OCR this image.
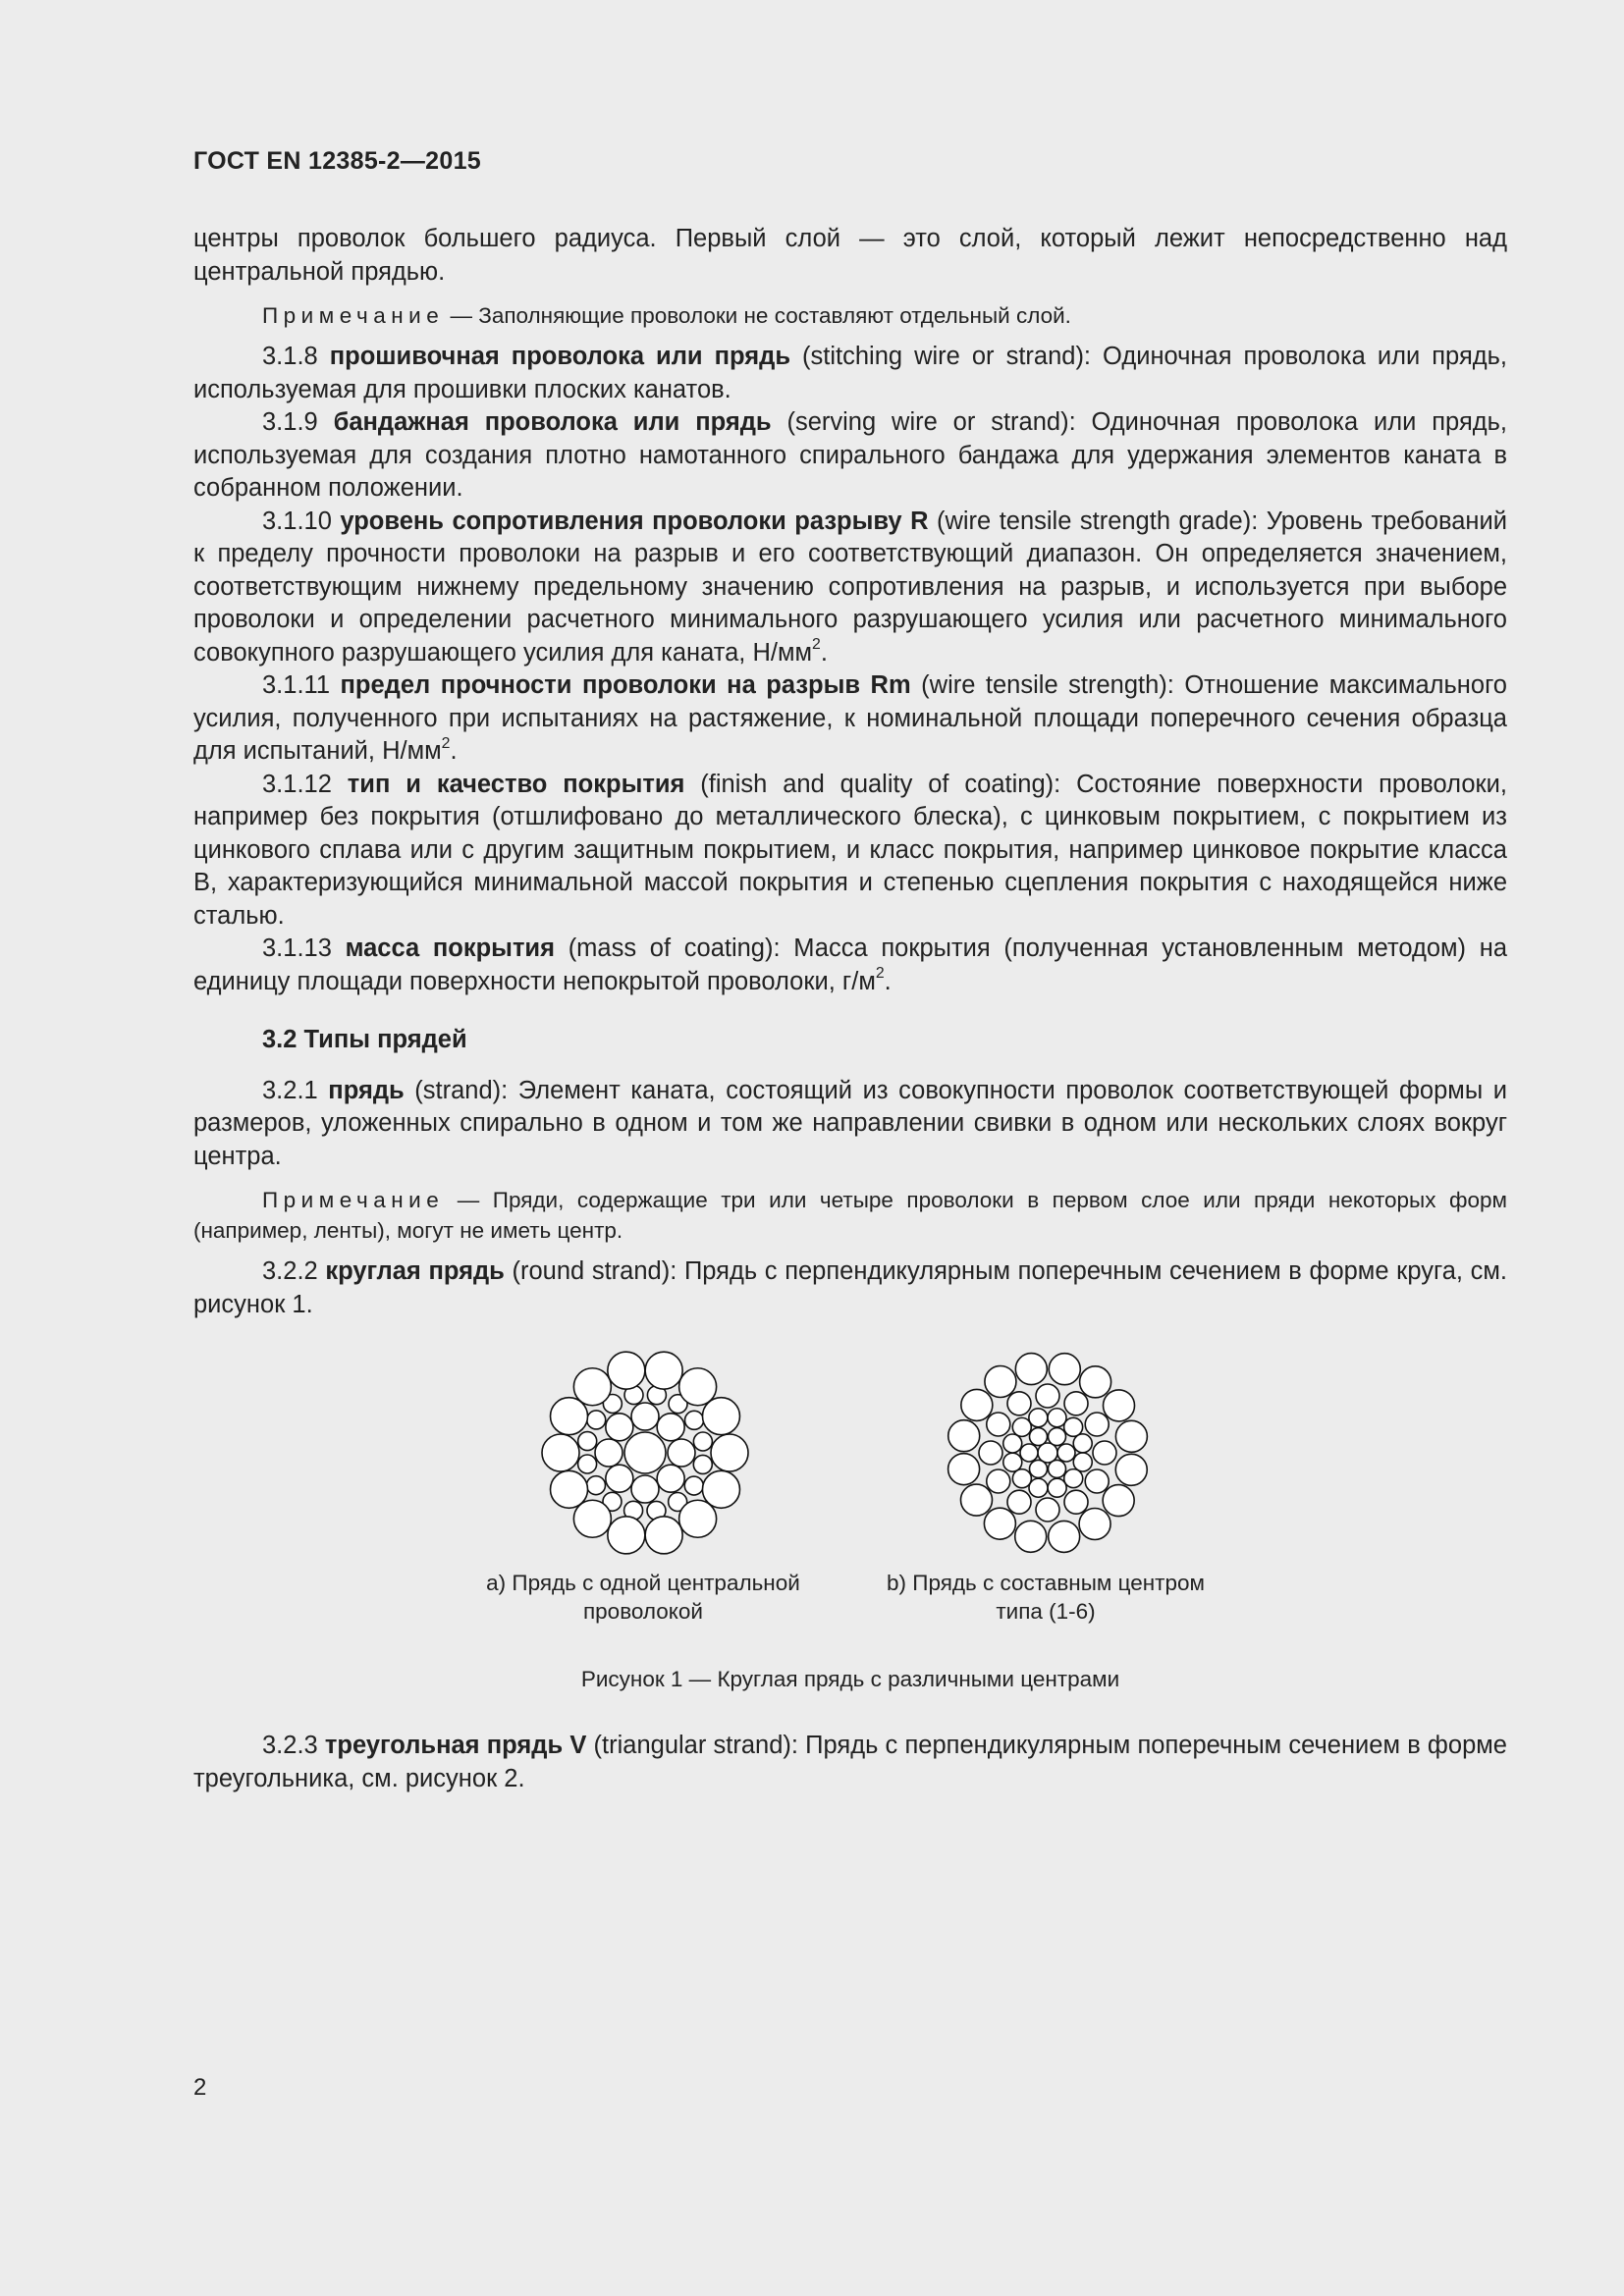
ГОСТ EN 12385-2—2015

центры проволок большего радиуса. Первый слой — это слой, который лежит непосредственно над центральной прядью.

Примечание — Заполняющие проволоки не составляют отдельный слой.

3.1.8 прошивочная проволока или прядь (stitching wire or strand): Одиночная проволока или прядь, используемая для прошивки плоских канатов.

3.1.9 бандажная проволока или прядь (serving wire or strand): Одиночная проволока или прядь, используемая для создания плотно намотанного спирального бандажа для удержания элементов каната в собранном положении.

3.1.10 уровень сопротивления проволоки разрыву R (wire tensile strength grade): Уровень требований к пределу прочности проволоки на разрыв и его соответствующий диапазон. Он определяется значением, соответствующим нижнему предельному значению сопротивления на разрыв, и используется при выборе проволоки и определении расчетного минимального разрушающего усилия или расчетного минимального совокупного разрушающего усилия для каната, $Н/мм^2$.

3.1.11 предел прочности проволоки на разрыв Rm (wire tensile strength): Отношение максимального усилия, полученного при испытаниях на растяжение, к номинальной площади поперечного сечения образца для испытаний, $Н/мм^2$.

3.1.12 тип и качество покрытия (finish and quality of coating): Состояние поверхности проволоки, например без покрытия (отшлифовано до металлического блеска), с цинковым покрытием, с покрытием из цинкового сплава или с другим защитным покрытием, и класс покрытия, например цинковое покрытие класса B, характеризующийся минимальной массой покрытия и степенью сцепления покрытия с находящейся ниже сталью.

3.1.13 масса покрытия (mass of coating): Масса покрытия (полученная установленным методом) на единицу площади поверхности непокрытой проволоки, $г/м^2$.

3.2 Типы прядей

3.2.1 прядь (strand): Элемент каната, состоящий из совокупности проволок соответствующей формы и размеров, уложенных спирально в одном и том же направлении свивки в одном или нескольких слоях вокруг центра.

Примечание — Пряди, содержащие три или четыре проволоки в первом слое или пряди некоторых форм (например, ленты), могут не иметь центр.

3.2.2 круглая прядь (round strand): Прядь с перпендикулярным поперечным сечением в форме круга, см. рисунок 1.

a) Прядь с одной центральной
проволокой
b) Прядь с составным центром
типа (1-6)
Рисунок 1 — Круглая прядь с различными центрами

3.2.3 треугольная прядь V (triangular strand): Прядь с перпендикулярным поперечным сечением в форме треугольника, см. рисунок 2.

2
